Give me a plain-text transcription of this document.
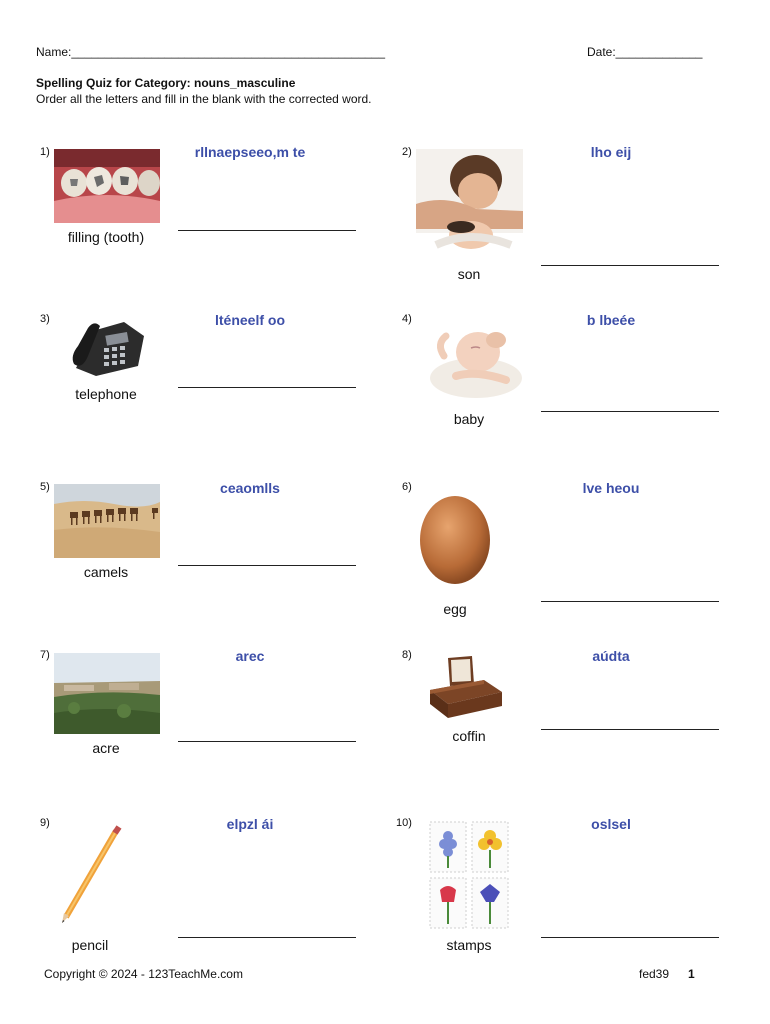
Name:_______________________________________________	Date:_____________
Spelling Quiz for Category: nouns_masculine
Order all the letters and fill in the blank with the corrected word.
1)
filling (tooth)
rllnaepseeo,m te	2)
son
lho eij
3)
telephone
lténeelf oo	4)
baby
b lbeée
5)
camels
ceaomlls	6)
egg
lve heou
7)
acre
arec	8)
coffin
aúdta
9)
pencil
elpzl ái	10)
stamps
oslsel
Copyright © 2024 - 123TeachMe.com	fed39 1
